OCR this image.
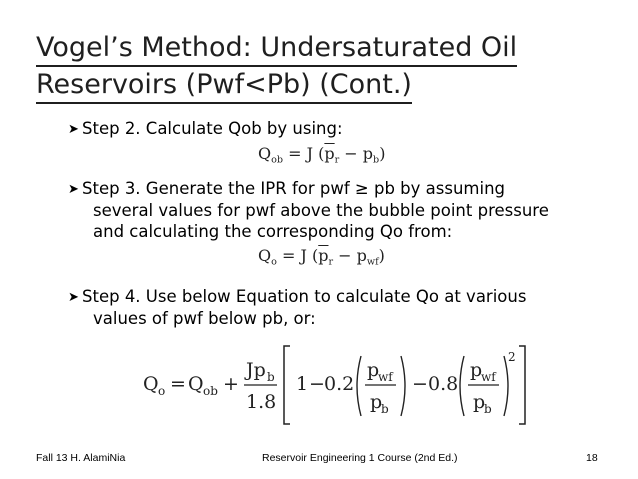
Vogel’s Method: Undersaturated Oil
Reservoirs (Pwf<Pb) (Cont.)
➤ Step 2. Calculate Qob by using:
$Q_{ob} = J$ $(\overline{p}_r - p_b)$
➤ Step 3. Generate the IPR for pwf ≥ pb by assuming
several values for pwf above the bubble point pressure
and calculating the corresponding Qo from:
$Q_o = J$ $(\overline{p}_r - p_{wf})$
➤ Step 4. Use below Equation to calculate Qo at various
values of pwf below pb, or:
Q o = Q ob +
Jp b
1.8
1 − 0.2
p
wf
p
b
− 0.8
p
wf
p
b
2
Fall 13 H. AlamiNia	Reservoir Engineering 1 Course (2nd Ed.)	18
